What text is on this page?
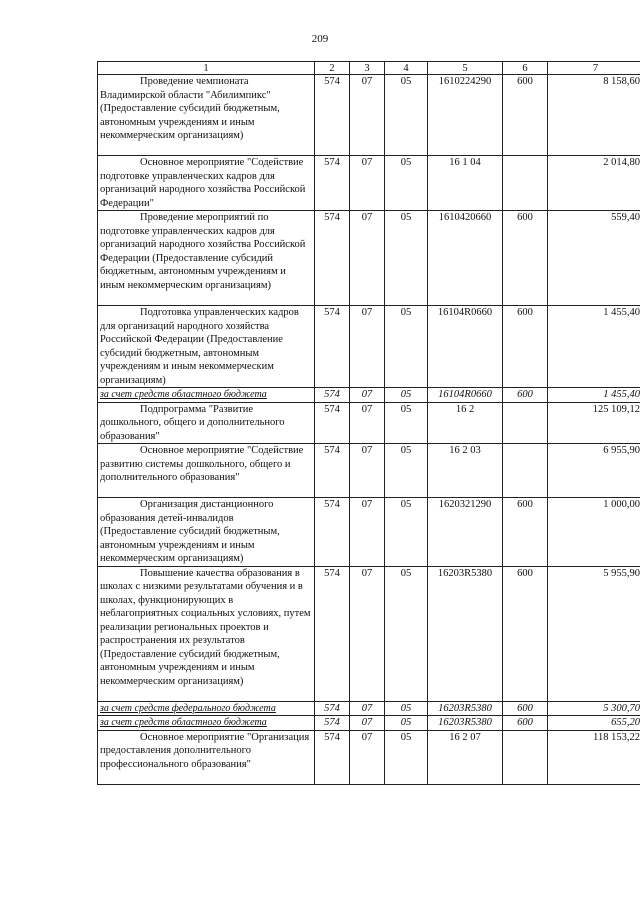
209
1	2	3	4	5	6	7
Проведение чемпионата Владимирской области "Абилимпикс" (Предоставление субсидий бюджетным, автономным учреждениям и иным некоммерческим организациям)	574	07	05	1610224290	600	8 158,60
Основное мероприятие "Содействие подготовке управленческих кадров для организаций народного хозяйства Российской Федерации"	574	07	05	16 1 04		2 014,80
Проведение мероприятий по подготовке управленческих кадров для организаций народного хозяйства Российской Федерации (Предоставление субсидий бюджетным, автономным учреждениям и иным некоммерческим организациям)	574	07	05	1610420660	600	559,40
Подготовка управленческих кадров для организаций народного хозяйства Российской Федерации (Предоставление субсидий бюджетным, автономным учреждениям и иным некоммерческим организациям)	574	07	05	16104R0660	600	1 455,40
за счет средств областного бюджета	574	07	05	16104R0660	600	1 455,40
Подпрограмма "Развитие дошкольного, общего и дополнительного образования"	574	07	05	16 2		125 109,12
Основное мероприятие "Содействие развитию системы дошкольного, общего и дополнительного образования"	574	07	05	16 2 03		6 955,90
Организация дистанционного образования детей-инвалидов (Предоставление субсидий бюджетным, автономным учреждениям и иным некоммерческим организациям)	574	07	05	1620321290	600	1 000,00
Повышение качества образования в школах с низкими результатами обучения и в школах, функционирующих в неблагоприятных социальных условиях, путем реализации региональных проектов и распространения их результатов (Предоставление субсидий бюджетным, автономным учреждениям и иным некоммерческим организациям)	574	07	05	16203R5380	600	5 955,90
за счет средств федерального бюджета	574	07	05	16203R5380	600	5 300,70
за счет средств областного бюджета	574	07	05	16203R5380	600	655,20
Основное мероприятие "Организация предоставления дополнительного профессионального образования"	574	07	05	16 2 07		118 153,22
